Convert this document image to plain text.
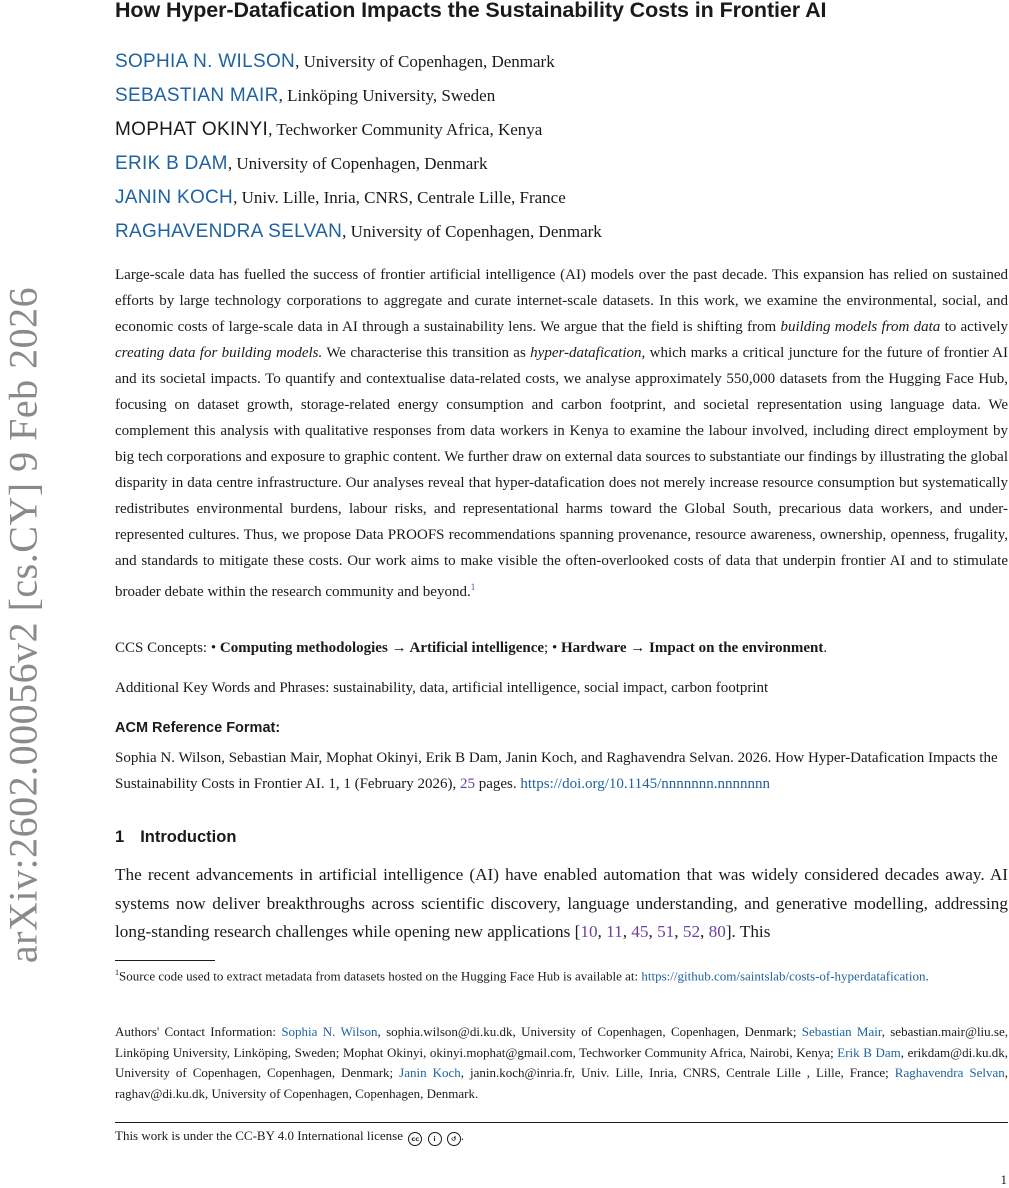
arXiv:2602.00056v2 [cs.CY] 9 Feb 2026
How Hyper-Datafication Impacts the Sustainability Costs in Frontier AI
SOPHIA N. WILSON, University of Copenhagen, Denmark
SEBASTIAN MAIR, Linköping University, Sweden
MOPHAT OKINYI, Techworker Community Africa, Kenya
ERIK B DAM, University of Copenhagen, Denmark
JANIN KOCH, Univ. Lille, Inria, CNRS, Centrale Lille, France
RAGHAVENDRA SELVAN, University of Copenhagen, Denmark

Large-scale data has fuelled the success of frontier artificial intelligence (AI) models over the past decade. This expansion has relied on sustained efforts by large technology corporations to aggregate and curate internet-scale datasets. In this work, we examine the environmental, social, and economic costs of large-scale data in AI through a sustainability lens. We argue that the field is shifting from building models from data to actively creating data for building models. We characterise this transition as hyper-datafication, which marks a critical juncture for the future of frontier AI and its societal impacts. To quantify and contextualise data-related costs, we analyse approximately 550,000 datasets from the Hugging Face Hub, focusing on dataset growth, storage-related energy consumption and carbon footprint, and societal representation using language data. We complement this analysis with qualitative responses from data workers in Kenya to examine the labour involved, including direct employment by big tech corporations and exposure to graphic content. We further draw on external data sources to substantiate our findings by illustrating the global disparity in data centre infrastructure. Our analyses reveal that hyper-datafication does not merely increase resource consumption but systematically redistributes environmental burdens, labour risks, and representational harms toward the Global South, precarious data workers, and under-represented cultures. Thus, we propose Data PROOFS recommendations spanning provenance, resource awareness, ownership, openness, frugality, and standards to mitigate these costs. Our work aims to make visible the often-overlooked costs of data that underpin frontier AI and to stimulate broader debate within the research community and beyond.$^1$

CCS Concepts: • Computing methodologies → Artificial intelligence; • Hardware → Impact on the environment.
Additional Key Words and Phrases: sustainability, data, artificial intelligence, social impact, carbon footprint
ACM Reference Format:

Sophia N. Wilson, Sebastian Mair, Mophat Okinyi, Erik B Dam, Janin Koch, and Raghavendra Selvan. 2026. How Hyper-Datafication Impacts the Sustainability Costs in Frontier AI. 1, 1 (February 2026), 25 pages. https://doi.org/10.1145/nnnnnnn.nnnnnnn

1 Introduction

The recent advancements in artificial intelligence (AI) have enabled automation that was widely considered decades away. AI systems now deliver breakthroughs across scientific discovery, language understanding, and generative modelling, addressing long-standing research challenges while opening new applications [10, 11, 45, 51, 52, 80]. This

$^1$Source code used to extract metadata from datasets hosted on the Hugging Face Hub is available at: https://github.com/saintslab/costs-of-hyperdatafication.

Authors' Contact Information: Sophia N. Wilson, sophia.wilson@di.ku.dk, University of Copenhagen, Copenhagen, Denmark; Sebastian Mair, sebastian.mair@liu.se, Linköping University, Linköping, Sweden; Mophat Okinyi, okinyi.mophat@gmail.com, Techworker Community Africa, Nairobi, Kenya; Erik B Dam, erikdam@di.ku.dk, University of Copenhagen, Copenhagen, Denmark; Janin Koch, janin.koch@inria.fr, Univ. Lille, Inria, CNRS, Centrale Lille , Lille, France; Raghavendra Selvan, raghav@di.ku.dk, University of Copenhagen, Copenhagen, Denmark.

This work is under the CC-BY 4.0 International license cc i ↺ .
1
